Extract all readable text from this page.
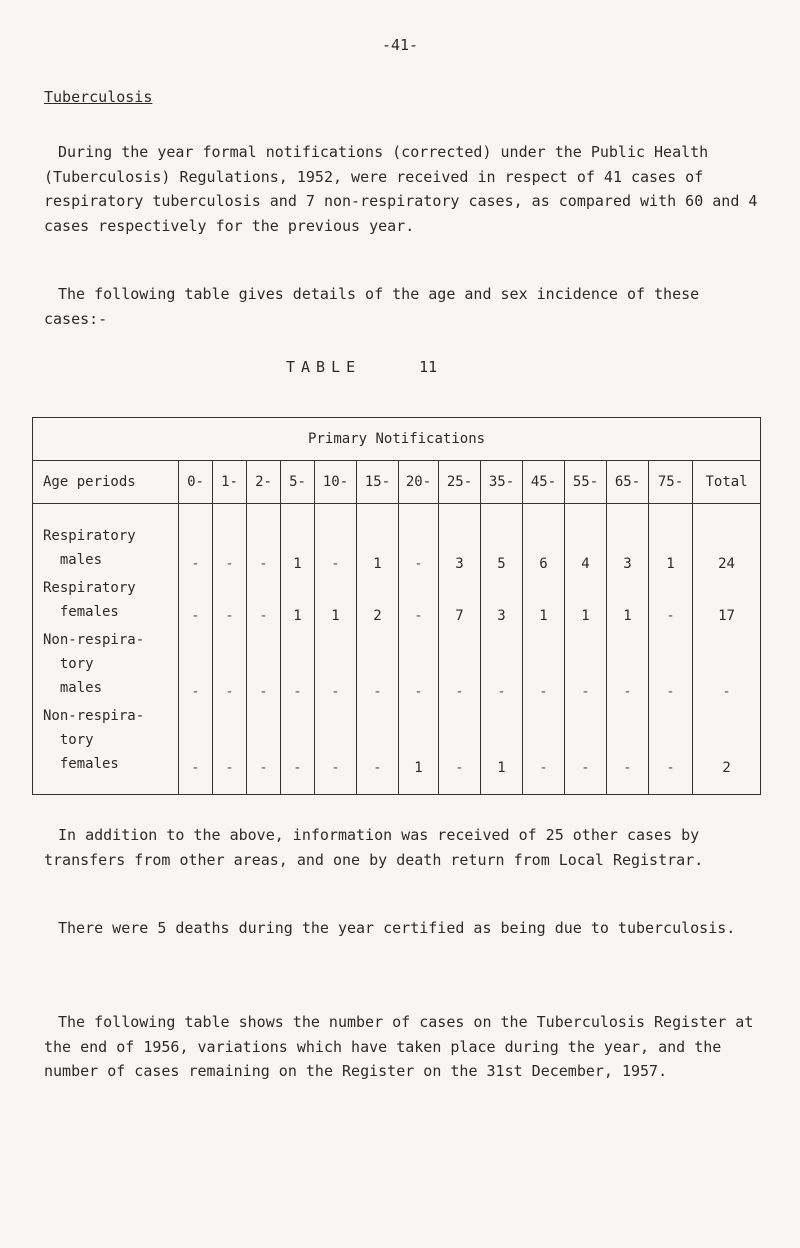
-41-
Tuberculosis

During the year formal notifications (corrected) under the Public Health (Tuberculosis) Regulations, 1952, were received in respect of 41 cases of respiratory tuberculosis and 7 non-respiratory cases, as compared with 60 and 4 cases respectively for the previous year.

The following table gives details of the age and sex incidence of these cases:-

TABLE	11
Primary Notifications														
Age periods	0-	1-	2-	5-	10-	15-	20-	25-	35-	45-	55-	65-	75-	Total

Respiratory
males	-	-	-	1	-	1	-	3	5	6	4	3	1	24

Respiratory
females	-	-	-	1	1	2	-	7	3	1	1	1	-	17

Non-respira-
tory
males	-	-	-	-	-	-	-	-	-	-	-	-	-	-

Non-respira-
tory
females	-	-	-	-	-	-	1	-	1	-	-	-	-	2

In addition to the above, information was received of 25 other cases by transfers from other areas, and one by death return from Local Registrar.

There were 5 deaths during the year certified as being due to tuberculosis.

The following table shows the number of cases on the Tuberculosis Register at the end of 1956, variations which have taken place during the year, and the number of cases remaining on the Register on the 31st December, 1957.
